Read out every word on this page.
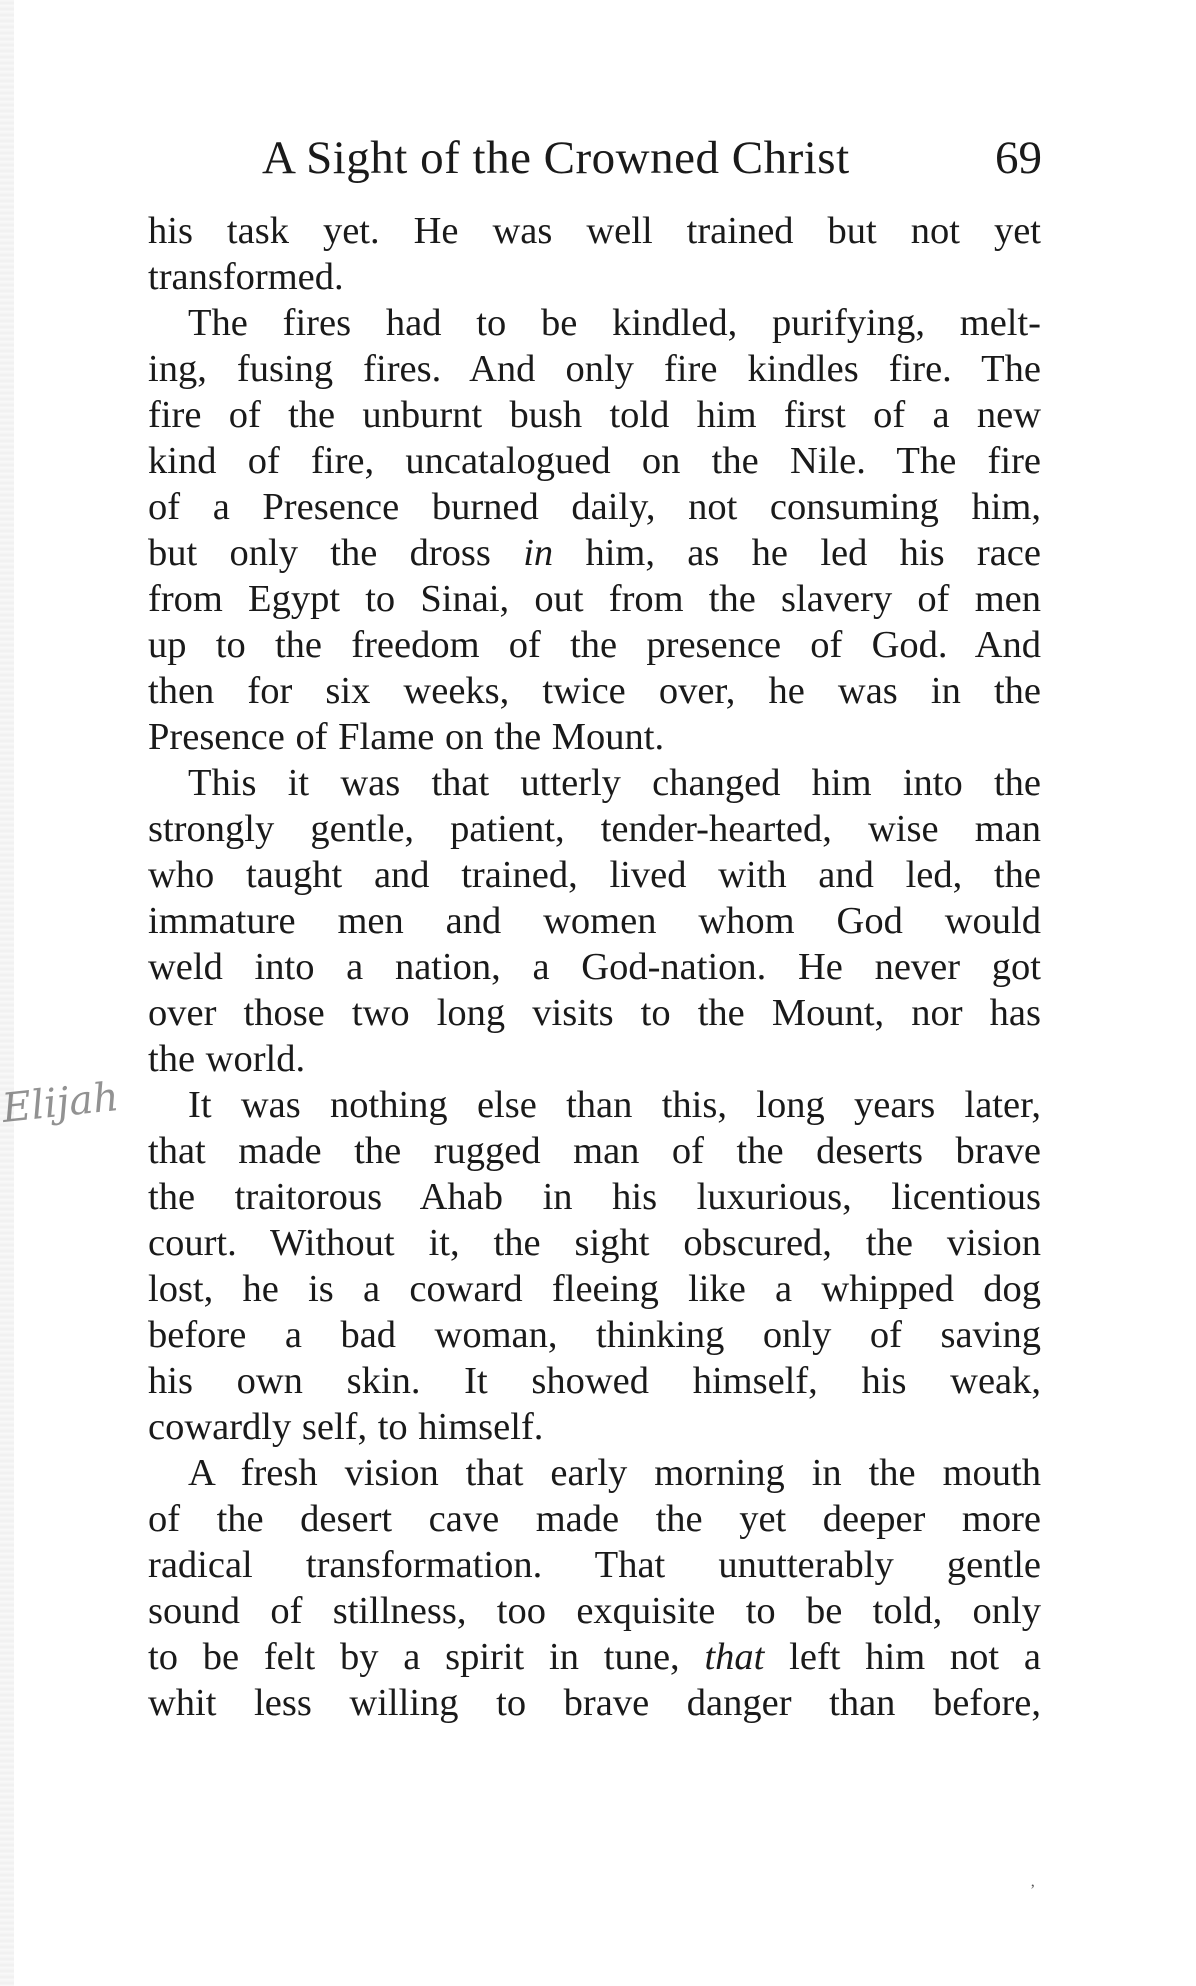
A Sight of the Crowned Christ	69
Elijah
his task yet. He was well trained but not yet
transformed.
The fires had to be kindled, purifying, melt-
ing, fusing fires. And only fire kindles fire. The
fire of the unburnt bush told him first of a new
kind of fire, uncatalogued on the Nile. The fire
of a Presence burned daily, not consuming him,
but only the dross in him, as he led his race
from Egypt to Sinai, out from the slavery of men
up to the freedom of the presence of God. And
then for six weeks, twice over, he was in the
Presence of Flame on the Mount.
This it was that utterly changed him into the
strongly gentle, patient, tender-hearted, wise man
who taught and trained, lived with and led, the
immature men and women whom God would
weld into a nation, a God-nation. He never got
over those two long visits to the Mount, nor has
the world.
It was nothing else than this, long years later,
that made the rugged man of the deserts brave
the traitorous Ahab in his luxurious, licentious
court. Without it, the sight obscured, the vision
lost, he is a coward fleeing like a whipped dog
before a bad woman, thinking only of saving
his own skin. It showed himself, his weak,
cowardly self, to himself.
A fresh vision that early morning in the mouth
of the desert cave made the yet deeper more
radical transformation. That unutterably gentle
sound of stillness, too exquisite to be told, only
to be felt by a spirit in tune, that left him not a
whit less willing to brave danger than before,
’
